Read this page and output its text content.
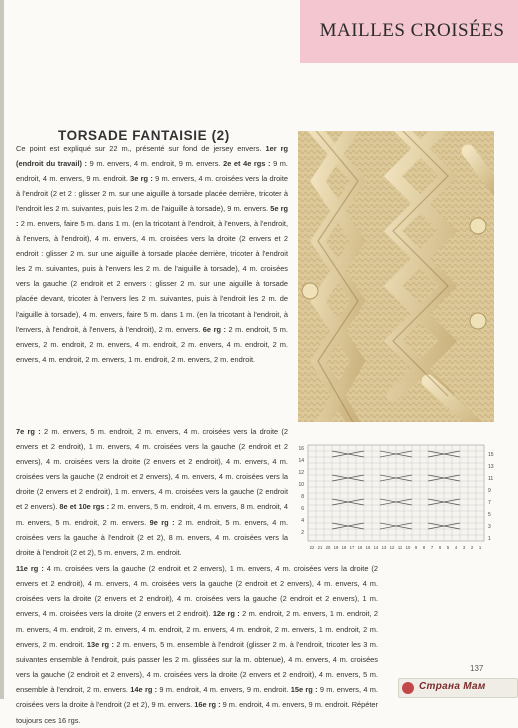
MAILLES CROISÉES
TORSADE FANTAISIE (2)

Ce point est expliqué sur 22 m., présenté sur fond de jersey envers. 1er rg (endroit du travail) : 9 m. envers, 4 m. endroit, 9 m. envers. 2e et 4e rgs : 9 m. endroit, 4 m. envers, 9 m. endroit. 3e rg : 9 m. envers, 4 m. croisées vers la droite à l'endroit (2 et 2 : glisser 2 m. sur une aiguille à torsade placée derrière, tricoter à l'endroit les 2 m. suivantes, puis les 2 m. de l'aiguille à torsade), 9 m. envers. 5e rg : 2 m. envers, faire 5 m. dans 1 m. (en la tricotant à l'endroit, à l'envers, à l'endroit, à l'envers, à l'endroit), 4 m. envers, 4 m. croisées vers la droite (2 envers et 2 endroit : glisser 2 m. sur une aiguille à torsade placée derrière, tricoter à l'endroit les 2 m. suivantes, puis à l'envers les 2 m. de l'aiguille à torsade), 4 m. croisées vers la gauche (2 endroit et 2 envers : glisser 2 m. sur une aiguille à torsade placée devant, tricoter à l'envers les 2 m. suivantes, puis à l'endroit les 2 m. de l'aiguille à torsade), 4 m. envers, faire 5 m. dans 1 m. (en la tricotant à l'endroit, à l'envers, à l'endroit, à l'envers, à l'endroit), 2 m. envers. 6e rg : 2 m. endroit, 5 m. envers, 2 m. endroit, 2 m. envers, 4 m. endroit, 2 m. envers, 4 m. endroit, 2 m. envers, 4 m. endroit, 2 m. envers, 1 m. endroit, 2 m. envers, 2 m. endroit.

7e rg : 2 m. envers, 5 m. endroit, 2 m. envers, 4 m. croisées vers la droite (2 envers et 2 endroit), 1 m. envers, 4 m. croisées vers la gauche (2 endroit et 2 envers), 4 m. croisées vers la droite (2 envers et 2 endroit), 4 m. envers, 4 m. croisées vers la gauche (2 endroit et 2 envers), 4 m. envers, 4 m. croisées vers la droite (2 envers et 2 endroit), 1 m. envers, 4 m. croisées vers la gauche (2 endroit et 2 envers). 8e et 10e rgs : 2 m. envers, 5 m. endroit, 4 m. envers, 8 m. endroit, 4 m. envers, 5 m. endroit, 2 m. envers. 9e rg : 2 m. endroit, 5 m. envers, 4 m. croisées vers la gauche à l'endroit (2 et 2), 8 m. envers, 4 m. croisées vers la droite à l'endroit (2 et 2), 5 m. envers, 2 m. endroit.

11e rg : 4 m. croisées vers la gauche (2 endroit et 2 envers), 1 m. envers, 4 m. croisées vers la droite (2 envers et 2 endroit), 4 m. envers, 4 m. croisées vers la gauche (2 endroit et 2 envers), 4 m. envers, 4 m. croisées vers la droite (2 envers et 2 endroit), 4 m. croisées vers la gauche (2 endroit et 2 envers), 1 m. envers, 4 m. croisées vers la droite (2 envers et 2 endroit). 12e rg : 2 m. endroit, 2 m. envers, 1 m. endroit, 2 m. envers, 4 m. endroit, 2 m. envers, 4 m. endroit, 2 m. envers, 4 m. endroit, 2 m. envers, 1 m. endroit, 2 m. envers, 2 m. endroit. 13e rg : 2 m. envers, 5 m. ensemble à l'endroit (glisser 2 m. à l'endroit, tricoter les 3 m. suivantes ensemble à l'endroit, puis passer les 2 m. glissées sur la m. obtenue), 4 m. envers, 4 m. croisées vers la gauche (2 endroit et 2 envers), 4 m. croisées vers la droite (2 envers et 2 endroit), 4 m. envers, 5 m. ensemble à l'endroit, 2 m. envers. 14e rg : 9 m. endroit, 4 m. envers, 9 m. endroit. 15e rg : 9 m. envers, 4 m. croisées vers la droite à l'endroit (2 et 2), 9 m. envers. 16e rg : 9 m. endroit, 4 m. envers, 9 m. endroit. Répéter toujours ces 16 rgs.

16
14
12
10
8
6
4
2
15
13
11
9
7
5
3
1
22 21 20 19 18 17 16 15 14 13 12 11 10 9 8 7 6 5 4 3 2 1
137
Страна Мам
